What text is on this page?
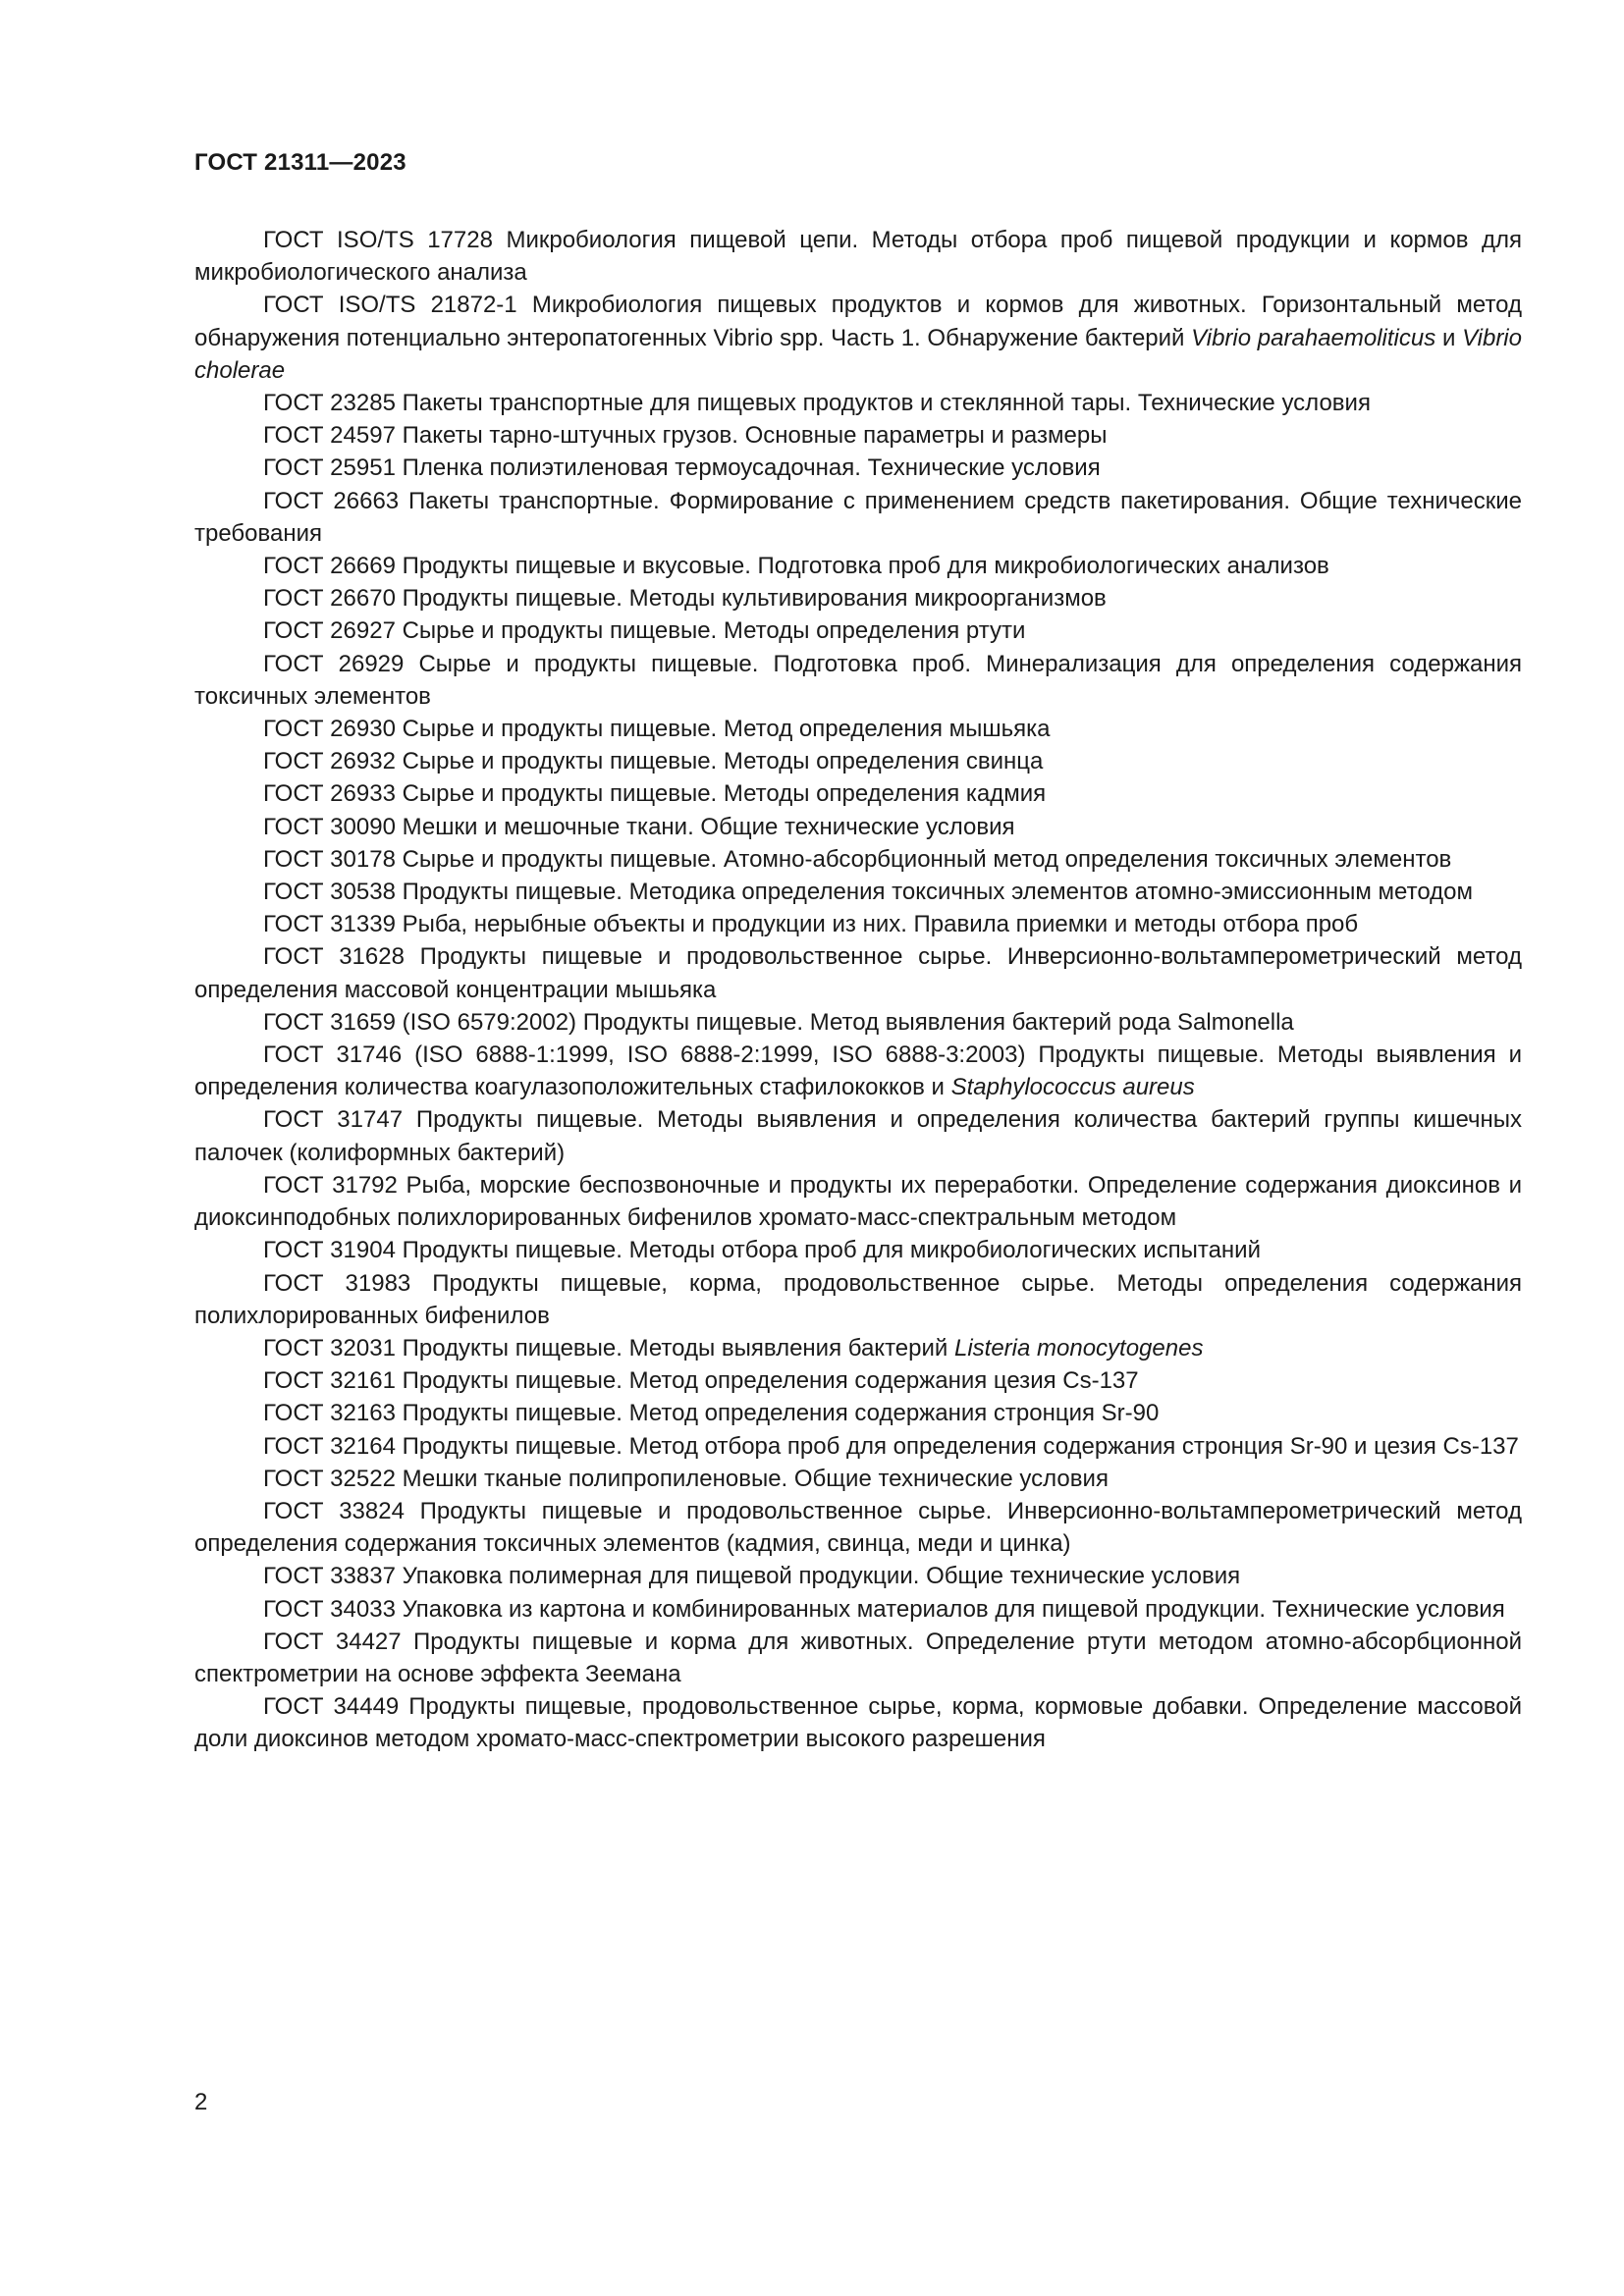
ГОСТ 21311—2023

ГОСТ ISO/TS 17728 Микробиология пищевой цепи. Методы отбора проб пищевой продукции и кормов для микробиологического анализа

ГОСТ ISO/TS 21872-1 Микробиология пищевых продуктов и кормов для животных. Горизонтальный метод обнаружения потенциально энтеропатогенных Vibrio spp. Часть 1. Обнаружение бактерий Vibrio parahaemoliticus и Vibrio cholerae

ГОСТ 23285 Пакеты транспортные для пищевых продуктов и стеклянной тары. Технические условия

ГОСТ 24597 Пакеты тарно-штучных грузов. Основные параметры и размеры

ГОСТ 25951 Пленка полиэтиленовая термоусадочная. Технические условия

ГОСТ 26663 Пакеты транспортные. Формирование с применением средств пакетирования. Общие технические требования

ГОСТ 26669 Продукты пищевые и вкусовые. Подготовка проб для микробиологических анализов

ГОСТ 26670 Продукты пищевые. Методы культивирования микроорганизмов

ГОСТ 26927 Сырье и продукты пищевые. Методы определения ртути

ГОСТ 26929 Сырье и продукты пищевые. Подготовка проб. Минерализация для определения содержания токсичных элементов

ГОСТ 26930 Сырье и продукты пищевые. Метод определения мышьяка

ГОСТ 26932 Сырье и продукты пищевые. Методы определения свинца

ГОСТ 26933 Сырье и продукты пищевые. Методы определения кадмия

ГОСТ 30090 Мешки и мешочные ткани. Общие технические условия

ГОСТ 30178 Сырье и продукты пищевые. Атомно-абсорбционный метод определения токсичных элементов

ГОСТ 30538 Продукты пищевые. Методика определения токсичных элементов атомно-эмиссионным методом

ГОСТ 31339 Рыба, нерыбные объекты и продукции из них. Правила приемки и методы отбора проб

ГОСТ 31628 Продукты пищевые и продовольственное сырье. Инверсионно-вольтамперометрический метод определения массовой концентрации мышьяка

ГОСТ 31659 (ISO 6579:2002) Продукты пищевые. Метод выявления бактерий рода Salmonella

ГОСТ 31746 (ISO 6888-1:1999, ISO 6888-2:1999, ISO 6888-3:2003) Продукты пищевые. Методы выявления и определения количества коагулазоположительных стафилококков и Staphylococcus aureus

ГОСТ 31747 Продукты пищевые. Методы выявления и определения количества бактерий группы кишечных палочек (колиформных бактерий)

ГОСТ 31792 Рыба, морские беспозвоночные и продукты их переработки. Определение содержания диоксинов и диоксинподобных полихлорированных бифенилов хромато-масс-спектральным методом

ГОСТ 31904 Продукты пищевые. Методы отбора проб для микробиологических испытаний

ГОСТ 31983 Продукты пищевые, корма, продовольственное сырье. Методы определения содержания полихлорированных бифенилов

ГОСТ 32031 Продукты пищевые. Методы выявления бактерий Listeria monocytogenes

ГОСТ 32161 Продукты пищевые. Метод определения содержания цезия Cs-137

ГОСТ 32163 Продукты пищевые. Метод определения содержания стронция Sr-90

ГОСТ 32164 Продукты пищевые. Метод отбора проб для определения содержания стронция Sr-90 и цезия Cs-137

ГОСТ 32522 Мешки тканые полипропиленовые. Общие технические условия

ГОСТ 33824 Продукты пищевые и продовольственное сырье. Инверсионно-вольтамперометрический метод определения содержания токсичных элементов (кадмия, свинца, меди и цинка)

ГОСТ 33837 Упаковка полимерная для пищевой продукции. Общие технические условия

ГОСТ 34033 Упаковка из картона и комбинированных материалов для пищевой продукции. Технические условия

ГОСТ 34427 Продукты пищевые и корма для животных. Определение ртути методом атомно-абсорбционной спектрометрии на основе эффекта Зеемана

ГОСТ 34449 Продукты пищевые, продовольственное сырье, корма, кормовые добавки. Определение массовой доли диоксинов методом хромато-масс-спектрометрии высокого разрешения

2
